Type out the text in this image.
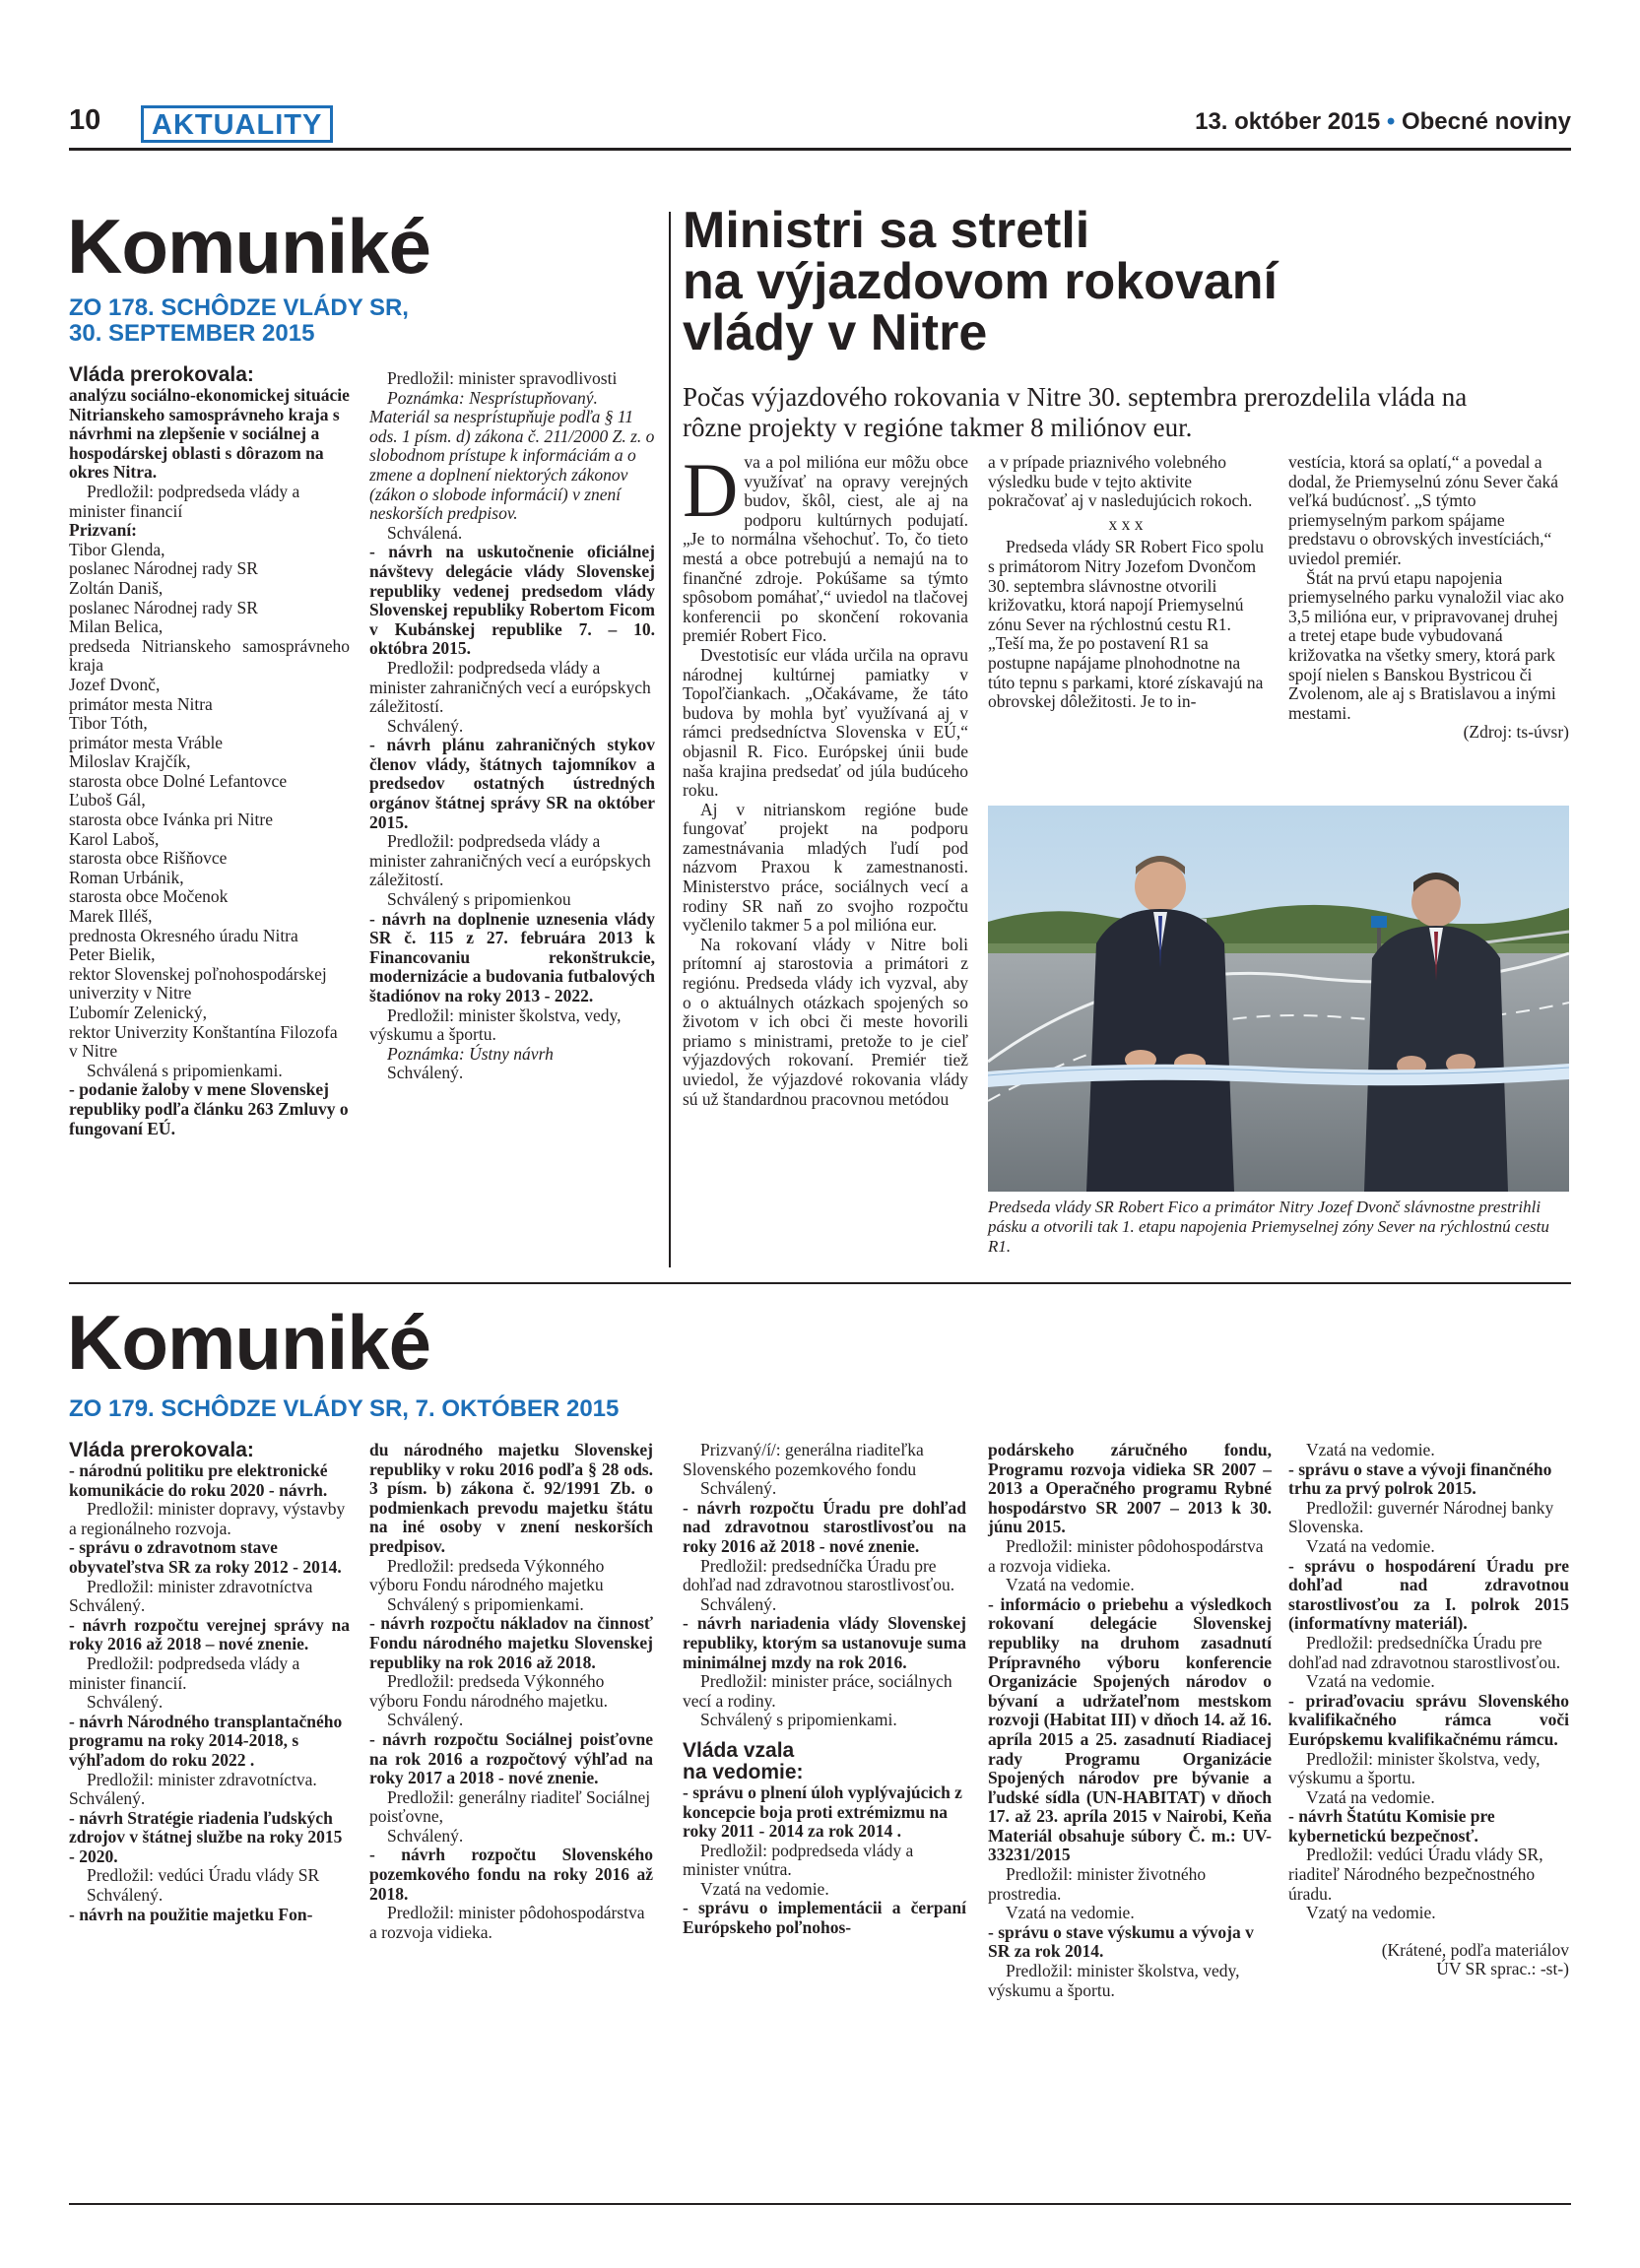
10	AKTUALITY	13. október 2015 • Obecné noviny
Komuniké
ZO 178. SCHÔDZE VLÁDY SR,
30. SEPTEMBER 2015
Vláda prerokovala:

analýzu sociálno-ekonomickej situácie Nitrianskeho samosprávneho kraja s návrhmi na zlepšenie v sociálnej a hospodárskej oblasti s dôrazom na okres Nitra.

Predložil: podpredseda vlády a minister financií

Prizvaní:

Tibor Glenda,

poslanec Národnej rady SR

Zoltán Daniš,

poslanec Národnej rady SR

Milan Belica,

predseda Nitrianskeho samosprávneho kraja

Jozef Dvonč,

primátor mesta Nitra

Tibor Tóth,

primátor mesta Vráble

Miloslav Krajčík,

starosta obce Dolné Lefantovce

Ľuboš Gál,

starosta obce Ivánka pri Nitre

Karol Laboš,

starosta obce Rišňovce

Roman Urbánik,

starosta obce Močenok

Marek Illéš,

prednosta Okresného úradu Nitra

Peter Bielik,

rektor Slovenskej poľnohospodárskej univerzity v Nitre

Ľubomír Zelenický,

rektor Univerzity Konštantína Filozofa v Nitre

Schválená s pripomienkami.

- podanie žaloby v mene Slovenskej republiky podľa článku 263 Zmluvy o fungovaní EÚ.

Predložil: minister spravodlivosti

Poznámka: Nesprístupňovaný. Materiál sa nesprístupňuje podľa § 11 ods. 1 písm. d) zákona č. 211/2000 Z. z. o slobodnom prístupe k informáciám a o zmene a doplnení niektorých zákonov (zákon o slobode informácií) v znení neskorších predpisov.

Schválená.

- návrh na uskutočnenie oficiálnej návštevy delegácie vlády Slovenskej republiky vedenej predsedom vlády Slovenskej republiky Robertom Ficom v Kubánskej republike 7. – 10. októbra 2015.

Predložil: podpredseda vlády a minister zahraničných vecí a európskych záležitostí.

Schválený.

- návrh plánu zahraničných stykov členov vlády, štátnych tajomníkov a predsedov ostatných ústredných orgánov štátnej správy SR na október 2015.

Predložil: podpredseda vlády a minister zahraničných vecí a európskych záležitostí.

Schválený s pripomienkou

- návrh na doplnenie uznesenia vlády SR č. 115 z 27. februára 2013 k Financovaniu rekonštrukcie, modernizácie a budovania futbalových štadiónov na roky 2013 - 2022.

Predložil: minister školstva, vedy, výskumu a športu.

Poznámka: Ústny návrh

Schválený.

Ministri sa stretli
na výjazdovom rokovaní
vlády v Nitre
Počas výjazdového rokovania v Nitre 30. septembra prerozdelila vláda na rôzne projekty v regióne takmer 8 miliónov eur.
D va a pol milióna eur môžu obce využívať na opravy verejných budov, škôl, ciest, ale aj na podporu kultúrnych podujatí. „Je to normálna všehochuť. To, čo tieto mestá a obce potrebujú a nemajú na to finančné zdroje. Pokúšame sa týmto spôsobom pomáhať,“ uviedol na tlačovej konferencii po skončení rokovania premiér Robert Fico.

Dvestotisíc eur vláda určila na opravu národnej kultúrnej pamiatky v Topoľčiankach. „Očakávame, že táto budova by mohla byť využívaná aj v rámci predsedníctva Slovenska v EÚ,“ objasnil R. Fico. Európskej únii bude naša krajina predsedať od júla budúceho roku.

Aj v nitrianskom regióne bude fungovať projekt na podporu zamestnávania mladých ľudí pod názvom Praxou k zamestnanosti. Ministerstvo práce, sociálnych vecí a rodiny SR naň zo svojho rozpočtu vyčlenilo takmer 5 a pol milióna eur.

Na rokovaní vlády v Nitre boli prítomní aj starostovia a primátori z regiónu. Predseda vlády ich vyzval, aby o o aktuálnych otázkach spojených so životom v ich obci či meste hovorili priamo s ministrami, pretože to je cieľ výjazdových rokovaní. Premiér tiež uviedol, že výjazdové rokovania vlády sú už štandardnou pracovnou metódou

a v prípade priaznivého volebného výsledku bude v tejto aktivite pokračovať aj v nasledujúcich rokoch.

x x x

Predseda vlády SR Robert Fico spolu s primátorom Nitry Jozefom Dvončom 30. septembra slávnostne otvorili križovatku, ktorá napojí Priemyselnú zónu Sever na rýchlostnú cestu R1. „Teší ma, že po postavení R1 sa postupne napájame plnohodnotne na túto tepnu s parkami, ktoré získavajú na obrovskej dôležitosti. Je to in-

vestícia, ktorá sa oplatí,“ a povedal a dodal, že Priemyselnú zónu Sever čaká veľká budúcnosť. „S týmto priemyselným parkom spájame predstavu o obrovských investíciách,“ uviedol premiér.

Štát na prvú etapu napojenia priemyselného parku vynaložil viac ako 3,5 milióna eur, v pripravovanej druhej a tretej etape bude vybudovaná križovatka na všetky smery, ktorá park spojí nielen s Banskou Bystricou či Zvolenom, ale aj s Bratislavou a inými mestami.

(Zdroj: ts-úvsr)

Predseda vlády SR Robert Fico a primátor Nitry Jozef Dvonč slávnostne prestrihli pásku a otvorili tak 1. etapu napojenia Priemyselnej zóny Sever na rýchlostnú cestu R1.
Komuniké
ZO 179. SCHÔDZE VLÁDY SR, 7. OKTÓBER 2015
Vláda prerokovala:

- národnú politiku pre elektronické komunikácie do roku 2020 - návrh.

Predložil: minister dopravy, výstavby a regionálneho rozvoja.

- správu o zdravotnom stave obyvateľstva SR za roky 2012 - 2014.

Predložil: minister zdravotníctva

Schválený.

- návrh rozpočtu verejnej správy na roky 2016 až 2018 – nové znenie.

Predložil: podpredseda vlády a minister financií.

Schválený.

- návrh Národného transplantačného programu na roky 2014-2018, s výhľadom do roku 2022 .

Predložil: minister zdravotníctva.

Schválený.

- návrh Stratégie riadenia ľudských zdrojov v štátnej službe na roky 2015 - 2020.

Predložil: vedúci Úradu vlády SR

Schválený.

- návrh na použitie majetku Fon-

du národného majetku Slovenskej republiky v roku 2016 podľa § 28 ods. 3 písm. b) zákona č. 92/1991 Zb. o podmienkach prevodu majetku štátu na iné osoby v znení neskorších predpisov.

Predložil: predseda Výkonného výboru Fondu národného majetku

Schválený s pripomienkami.

- návrh rozpočtu nákladov na činnosť Fondu národného majetku Slovenskej republiky na rok 2016 až 2018.

Predložil: predseda Výkonného výboru Fondu národného majetku.

Schválený.

- návrh rozpočtu Sociálnej poisťovne na rok 2016 a rozpočtový výhľad na roky 2017 a 2018 - nové znenie.

Predložil: generálny riaditeľ Sociálnej poisťovne,

Schválený.

- návrh rozpočtu Slovenského pozemkového fondu na roky 2016 až 2018.

Predložil: minister pôdohospodárstva a rozvoja vidieka.

Prizvaný/í/: generálna riaditeľka Slovenského pozemkového fondu

Schválený.

- návrh rozpočtu Úradu pre dohľad nad zdravotnou starostlivosťou na roky 2016 až 2018 - nové znenie.

Predložil: predsedníčka Úradu pre dohľad nad zdravotnou starostlivosťou.

Schválený.

- návrh nariadenia vlády Slovenskej republiky, ktorým sa ustanovuje suma minimálnej mzdy na rok 2016.

Predložil: minister práce, sociálnych vecí a rodiny.

Schválený s pripomienkami.

Vláda vzala
na vedomie:

- správu o plnení úloh vyplývajúcich z koncepcie boja proti extrémizmu na roky 2011 - 2014 za rok 2014 .

Predložil: podpredseda vlády a minister vnútra.

Vzatá na vedomie.

- správu o implementácii a čerpaní Európskeho poľnohos-

podárskeho záručného fondu, Programu rozvoja vidieka SR 2007 – 2013 a Operačného programu Rybné hospodárstvo SR 2007 – 2013 k 30. júnu 2015.

Predložil: minister pôdohospodárstva a rozvoja vidieka.

Vzatá na vedomie.

- informácio o priebehu a výsledkoch rokovaní delegácie Slovenskej republiky na druhom zasadnutí Prípravného výboru konferencie Organizácie Spojených národov o bývaní a udržateľnom mestskom rozvoji (Habitat III) v dňoch 14. až 16. apríla 2015 a 25. zasadnutí Riadiacej rady Programu Organizácie Spojených národov pre bývanie a ľudské sídla (UN-HABITAT) v dňoch 17. až 23. apríla 2015 v Nairobi, Keňa Materiál obsahuje súbory Č. m.: UV-33231/2015

Predložil: minister životného prostredia.

Vzatá na vedomie.

- správu o stave výskumu a vývoja v SR za rok 2014.

Predložil: minister školstva, vedy, výskumu a športu.

Vzatá na vedomie.

- správu o stave a vývoji finančného trhu za prvý polrok 2015.

Predložil: guvernér Národnej banky Slovenska.

Vzatá na vedomie.

- správu o hospodárení Úradu pre dohľad nad zdravotnou starostlivosťou za I. polrok 2015 (informatívny materiál).

Predložil: predsedníčka Úradu pre dohľad nad zdravotnou starostlivosťou.

Vzatá na vedomie.

- priraďovaciu správu Slovenského kvalifikačného rámca voči Európskemu kvalifikačnému rámcu.

Predložil: minister školstva, vedy, výskumu a športu.

Vzatá na vedomie.

- návrh Štatútu Komisie pre kybernetickú bezpečnosť.

Predložil: vedúci Úradu vlády SR, riaditeľ Národného bezpečnostného úradu.

Vzatý na vedomie.

(Krátené, podľa materiálov
ÚV SR sprac.: -st-)
